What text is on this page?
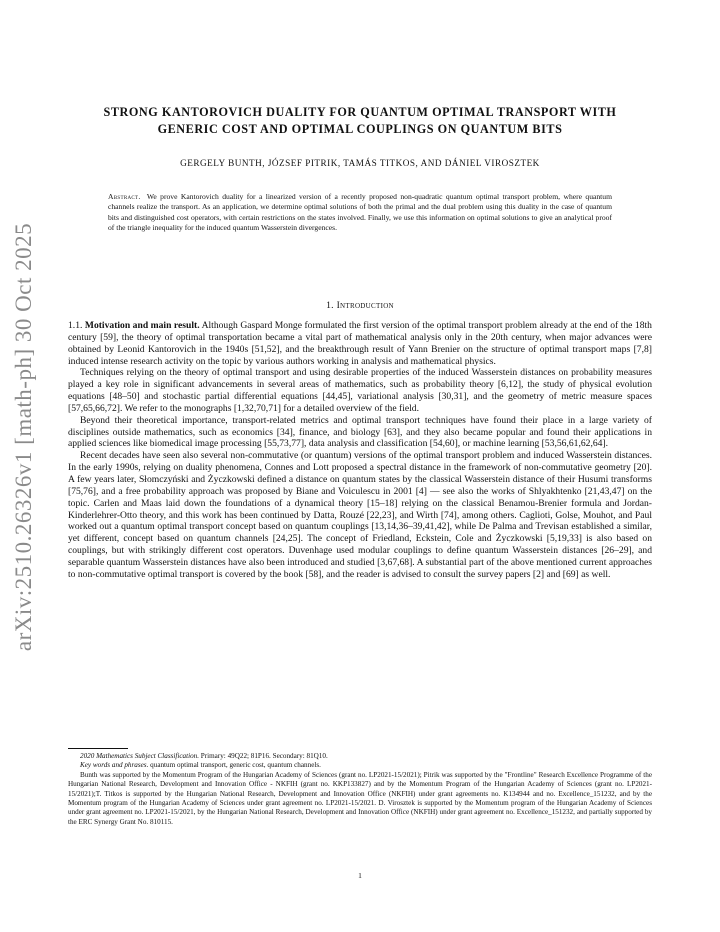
arXiv:2510.26326v1 [math-ph] 30 Oct 2025
STRONG KANTOROVICH DUALITY FOR QUANTUM OPTIMAL TRANSPORT WITH
GENERIC COST AND OPTIMAL COUPLINGS ON QUANTUM BITS
GERGELY BUNTH, JÓZSEF PITRIK, TAMÁS TITKOS, AND DÁNIEL VIROSZTEK
Abstract. We prove Kantorovich duality for a linearized version of a recently proposed non-quadratic quantum optimal transport problem, where quantum channels realize the transport. As an application, we determine optimal solutions of both the primal and the dual problem using this duality in the case of quantum bits and distinguished cost operators, with certain restrictions on the states involved. Finally, we use this information on optimal solutions to give an analytical proof of the triangle inequality for the induced quantum Wasserstein divergences.
1. Introduction

1.1. Motivation and main result. Although Gaspard Monge formulated the first version of the optimal transport problem already at the end of the 18th century [59], the theory of optimal transportation became a vital part of mathematical analysis only in the 20th century, when major advances were obtained by Leonid Kantorovich in the 1940s [51,52], and the breakthrough result of Yann Brenier on the structure of optimal transport maps [7,8] induced intense research activity on the topic by various authors working in analysis and mathematical physics.

Techniques relying on the theory of optimal transport and using desirable properties of the induced Wasserstein distances on probability measures played a key role in significant advancements in several areas of mathematics, such as probability theory [6,12], the study of physical evolution equations [48–50] and stochastic partial differential equations [44,45], variational analysis [30,31], and the geometry of metric measure spaces [57,65,66,72]. We refer to the monographs [1,32,70,71] for a detailed overview of the field.

Beyond their theoretical importance, transport-related metrics and optimal transport techniques have found their place in a large variety of disciplines outside mathematics, such as economics [34], finance, and biology [63], and they also became popular and found their applications in applied sciences like biomedical image processing [55,73,77], data analysis and classification [54,60], or machine learning [53,56,61,62,64].

Recent decades have seen also several non-commutative (or quantum) versions of the optimal transport problem and induced Wasserstein distances. In the early 1990s, relying on duality phenomena, Connes and Lott proposed a spectral distance in the framework of non-commutative geometry [20]. A few years later, Słomczyński and Życzkowski defined a distance on quantum states by the classical Wasserstein distance of their Husumi transforms [75,76], and a free probability approach was proposed by Biane and Voiculescu in 2001 [4] — see also the works of Shlyakhtenko [21,43,47] on the topic. Carlen and Maas laid down the foundations of a dynamical theory [15–18] relying on the classical Benamou-Brenier formula and Jordan-Kinderlehrer-Otto theory, and this work has been continued by Datta, Rouzé [22,23], and Wirth [74], among others. Caglioti, Golse, Mouhot, and Paul worked out a quantum optimal transport concept based on quantum couplings [13,14,36–39,41,42], while De Palma and Trevisan established a similar, yet different, concept based on quantum channels [24,25]. The concept of Friedland, Eckstein, Cole and Życzkowski [5,19,33] is also based on couplings, but with strikingly different cost operators. Duvenhage used modular couplings to define quantum Wasserstein distances [26–29], and separable quantum Wasserstein distances have also been introduced and studied [3,67,68]. A substantial part of the above mentioned current approaches to non-commutative optimal transport is covered by the book [58], and the reader is advised to consult the survey papers [2] and [69] as well.

2020 Mathematics Subject Classification. Primary: 49Q22; 81P16. Secondary: 81Q10.

Key words and phrases. quantum optimal transport, generic cost, quantum channels.

Bunth was supported by the Momentum Program of the Hungarian Academy of Sciences (grant no. LP2021-15/2021); Pitrik was supported by the "Frontline" Research Excellence Programme of the Hungarian National Research, Development and Innovation Office - NKFIH (grant no. KKP133827) and by the Momentum Program of the Hungarian Academy of Sciences (grant no. LP2021-15/2021);T. Titkos is supported by the Hungarian National Research, Development and Innovation Office (NKFIH) under grant agreements no. K134944 and no. Excellence_151232, and by the Momentum program of the Hungarian Academy of Sciences under grant agreement no. LP2021-15/2021. D. Virosztek is supported by the Momentum program of the Hungarian Academy of Sciences under grant agreement no. LP2021-15/2021, by the Hungarian National Research, Development and Innovation Office (NKFIH) under grant agreement no. Excellence_151232, and partially supported by the ERC Synergy Grant No. 810115.

1
